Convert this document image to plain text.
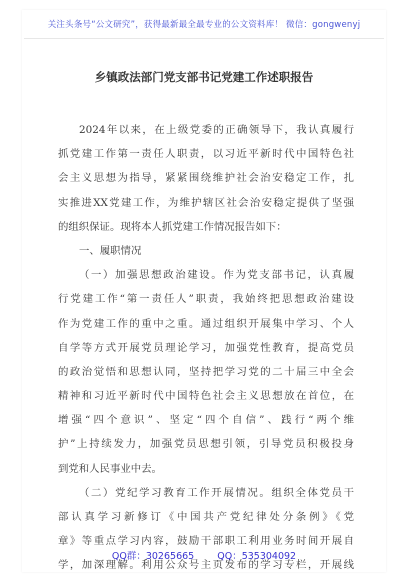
关注头条号“公文研究”，获得最新最全最专业的公文资料库！ 微信：gongwenyj
乡镇政法部门党支部书记党建工作述职报告
2024年以来，在上级党委的正确领导下，我认真履行
抓党建工作第一责任人职责，以习近平新时代中国特色社
会主义思想为指导，紧紧围绕维护社会治安稳定工作，扎
实推进XX党建工作，为维护辖区社会治安稳定提供了坚强
的组织保证。现将本人抓党建工作情况报告如下：
一、履职情况
（一）加强思想政治建设。作为党支部书记，认真履
行党建工作“第一责任人”职责，我始终把思想政治建设
作为党建工作的重中之重。通过组织开展集中学习、个人
自学等方式开展党员理论学习，加强党性教育，提高党员
的政治觉悟和思想认同，坚持把学习党的二十届三中全会
精神和习近平新时代中国特色社会主义思想放在首位，在
增强“四个意识”、坚定“四个自信”、践行“两个维
护”上持续发力，加强党员思想引领，引导党员积极投身
到党和人民事业中去。
（二）党纪学习教育工作开展情况。组织全体党员干
部认真学习新修订《中国共产党纪律处分条例》《党
章》等重点学习内容，鼓励干部职工利用业务时间开展自
学，加深理解。利用公众号主页发布的学习专栏，开展线
QQ群：30265665 QQ：535304092
